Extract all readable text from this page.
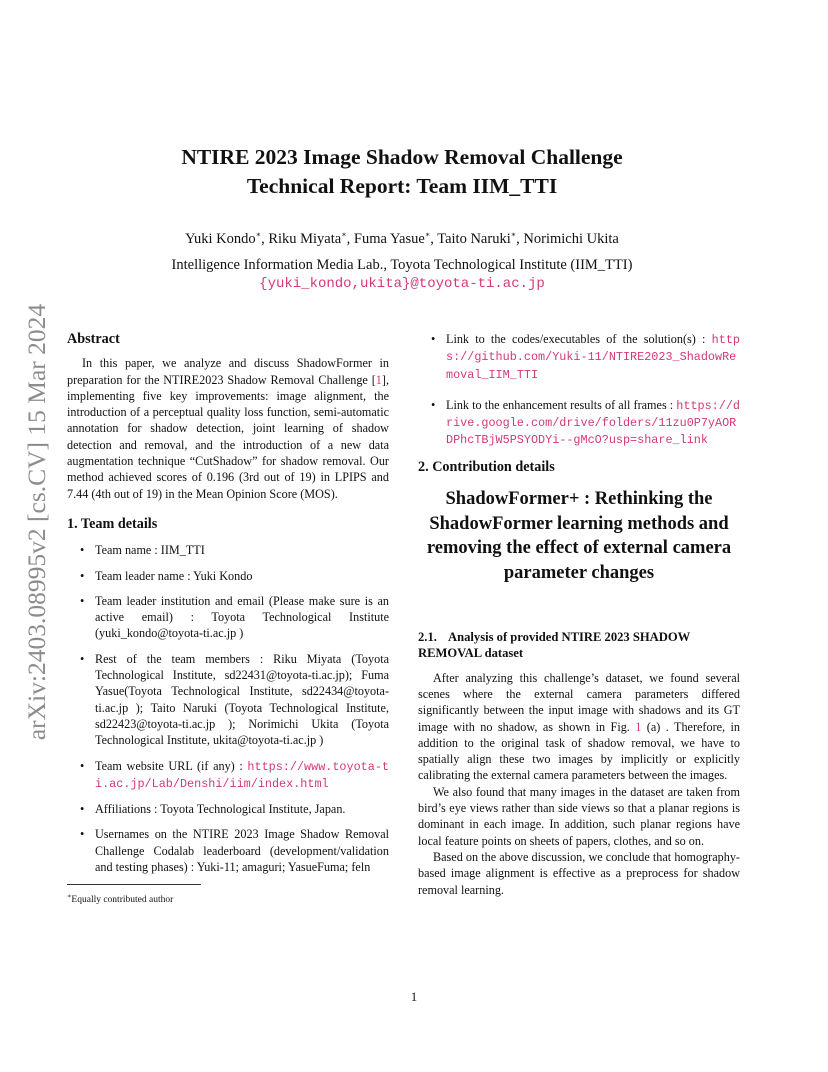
arXiv:2403.08995v2 [cs.CV] 15 Mar 2024
NTIRE 2023 Image Shadow Removal Challenge
Technical Report: Team IIM_TTI
Yuki Kondo∗, Riku Miyata∗, Fuma Yasue∗, Taito Naruki∗, Norimichi Ukita
Intelligence Information Media Lab., Toyota Technological Institute (IIM_TTI)
{yuki_kondo,ukita}@toyota-ti.ac.jp
Abstract

In this paper, we analyze and discuss ShadowFormer in preparation for the NTIRE2023 Shadow Removal Challenge [1], implementing five key improvements: image alignment, the introduction of a perceptual quality loss function, semi-automatic annotation for shadow detection, joint learning of shadow detection and removal, and the introduction of a new data augmentation technique “CutShadow” for shadow removal. Our method achieved scores of 0.196 (3rd out of 19) in LPIPS and 7.44 (4th out of 19) in the Mean Opinion Score (MOS).

1. Team details
• Team name : IIM_TTI
• Team leader name : Yuki Kondo
• Team leader institution and email (Please make sure is an active email) : Toyota Technological Institute (yuki_kondo@toyota-ti.ac.jp )
• Rest of the team members : Riku Miyata (Toyota Technological Institute, sd22431@toyota-ti.ac.jp); Fuma Yasue(Toyota Technological Institute, sd22434@toyota-ti.ac.jp ); Taito Naruki (Toyota Technological Institute, sd22423@toyota-ti.ac.jp ); Norimichi Ukita (Toyota Technological Institute, ukita@toyota-ti.ac.jp )
• Team website URL (if any) : https://www.toyota-ti.ac.jp/Lab/Denshi/iim/index.html
• Affiliations : Toyota Technological Institute, Japan.
• Usernames on the NTIRE 2023 Image Shadow Removal Challenge Codalab leaderboard (development/validation and testing phases) : Yuki-11; amaguri; YasueFuma; feln
∗Equally contributed author
• Link to the codes/executables of the solution(s) : https://github.com/Yuki-11/NTIRE2023_ShadowRemoval_IIM_TTI
• Link to the enhancement results of all frames : https://drive.google.com/drive/folders/11zu0P7yAORDPhcTBjW5PSYODYi--gMcO?usp=share_link
2. Contribution details

ShadowFormer+ : Rethinking the ShadowFormer learning methods and removing the effect of external camera parameter changes

2.1. Analysis of provided NTIRE 2023 SHADOW REMOVAL dataset

After analyzing this challenge’s dataset, we found several scenes where the external camera parameters differed significantly between the input image with shadows and its GT image with no shadow, as shown in Fig. 1 (a) . Therefore, in addition to the original task of shadow removal, we have to spatially align these two images by implicitly or explicitly calibrating the external camera parameters between the images.

We also found that many images in the dataset are taken from bird’s eye views rather than side views so that a planar regions is dominant in each image. In addition, such planar regions have local feature points on sheets of papers, clothes, and so on.

Based on the above discussion, we conclude that homography-based image alignment is effective as a preprocess for shadow removal learning.

1
